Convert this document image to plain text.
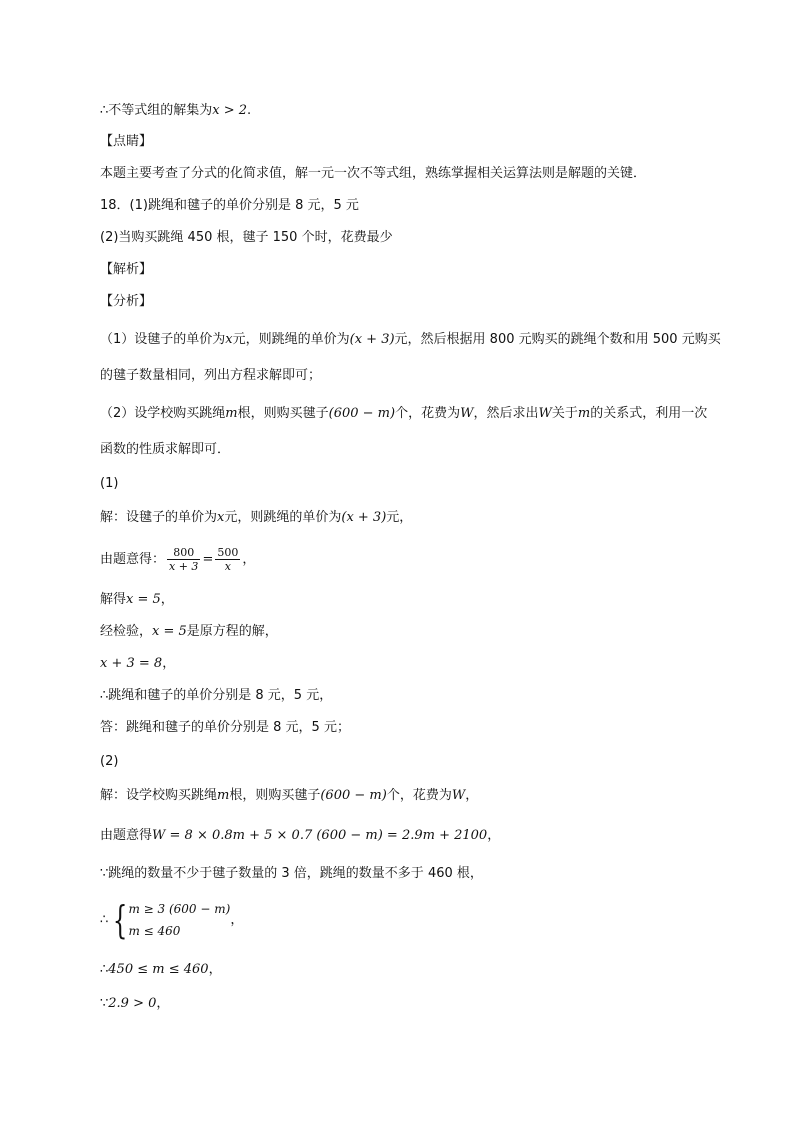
∴不等式组的解集为x > 2.
【点睛】
本题主要考查了分式的化简求值，解一元一次不等式组，熟练掌握相关运算法则是解题的关键．
18．(1)跳绳和毽子的单价分别是 8 元，5 元
(2)当购买跳绳 450 根，毽子 150 个时，花费最少
【解析】
【分析】
（1）设毽子的单价为x元，则跳绳的单价为(x + 3)元，然后根据用 800 元购买的跳绳个数和用 500 元购买
的毽子数量相同，列出方程求解即可；
（2）设学校购买跳绳m根，则购买毽子(600 − m)个，花费为W，然后求出W关于m的关系式，利用一次
函数的性质求解即可．
(1)
解：设毽子的单价为x元，则跳绳的单价为(x + 3)元，
由题意得： $\frac{800}{x + 3} = \frac{500}{x}$ ，
解得x = 5，
经检验，x = 5是原方程的解，
x + 3 = 8，
∴跳绳和毽子的单价分别是 8 元，5 元，
答：跳绳和毽子的单价分别是 8 元，5 元；
(2)
解：设学校购买跳绳m根，则购买毽子(600 − m)个，花费为W，
由题意得W = 8 × 0.8m + 5 × 0.7 (600 − m) = 2.9m + 2100，
∵跳绳的数量不少于毽子数量的 3 倍，跳绳的数量不多于 460 根，
∴ { m ≥ 3 (600 − m)
m ≤ 460
，
∴450 ≤ m ≤ 460，
∵2.9 > 0，
